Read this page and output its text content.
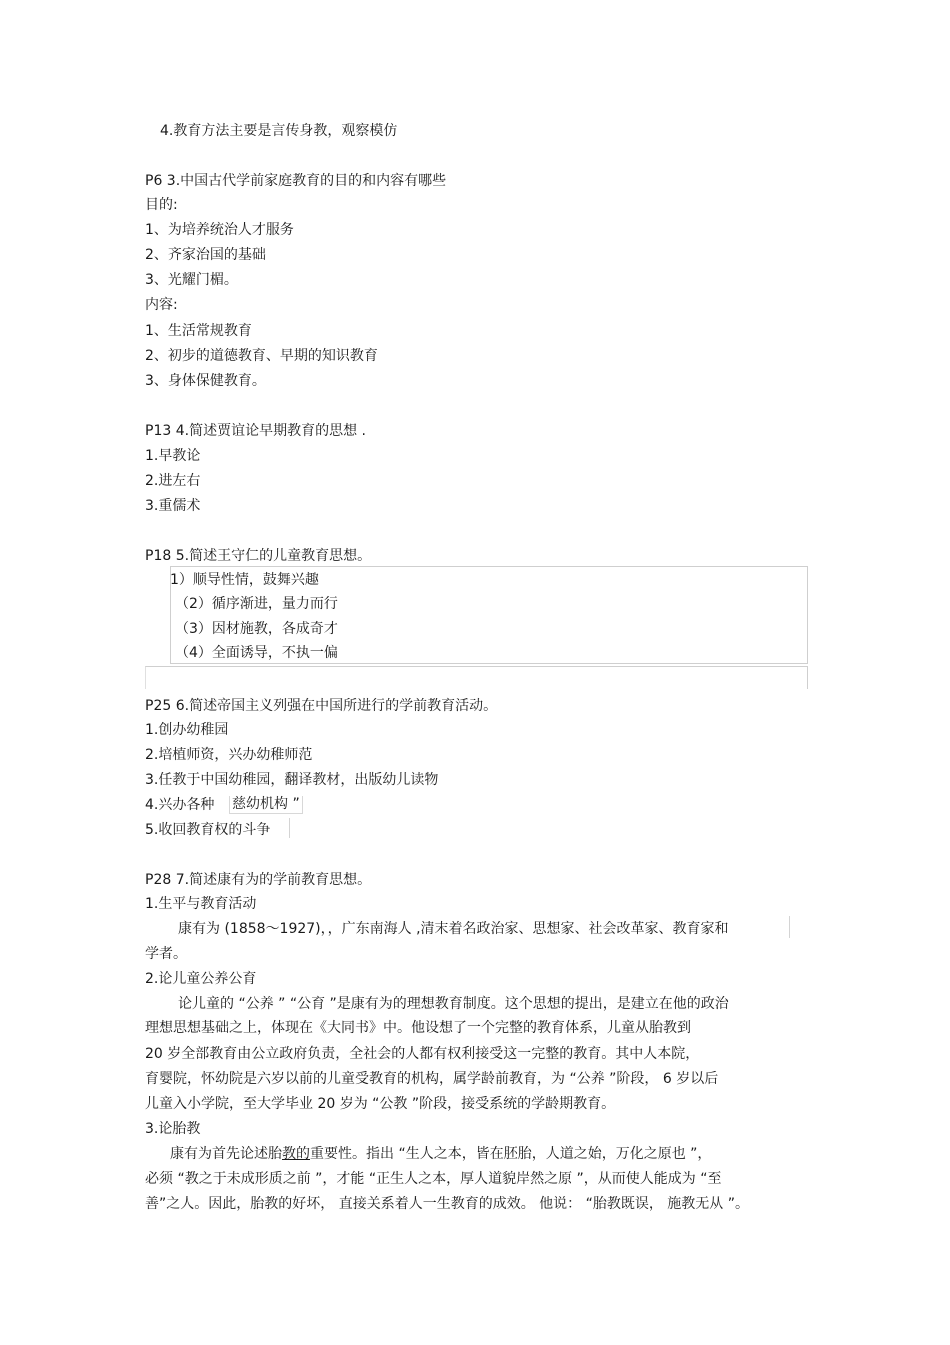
4.教育方法主要是言传身教，观察模仿
P6 3.中国古代学前家庭教育的目的和内容有哪些
目的:
1、为培养统治人才服务
2、齐家治国的基础
3、光耀门楣。
内容:
1、生活常规教育
2、初步的道德教育、早期的知识教育
3、身体保健教育。
P13 4.简述贾谊论早期教育的思想 .
1.早教论
2.进左右
3.重儒术
P18 5.简述王守仁的儿童教育思想。
1）顺导性情，鼓舞兴趣
（2）循序渐进，量力而行
（3）因材施教，各成奇才
（4）全面诱导，不执一偏
P25 6.简述帝国主义列强在中国所进行的学前教育活动。
1.创办幼稚园
2.培植师资，兴办幼稚师范
3.任教于中国幼稚园，翻译教材，出版幼儿读物
4.兴办各种 慈幼机构 ”
5.收回教育权的斗争
P28 7.简述康有为的学前教育思想。
1.生平与教育活动
康有为 (1858～1927)，，广东南海人 ,清末着名政治家、思想家、社会改革家、教育家和
学者。
2.论儿童公养公育
论儿童的 “公养 ” “公育 ”是康有为的理想教育制度。这个思想的提出，是建立在他的政治
理想思想基础之上，体现在《大同书》中。他设想了一个完整的教育体系，儿童从胎教到
20 岁全部教育由公立政府负责，全社会的人都有权利接受这一完整的教育。其中人本院，
育婴院，怀幼院是六岁以前的儿童受教育的机构，属学龄前教育，为 “公养 ”阶段， 6 岁以后
儿童入小学院，至大学毕业 20 岁为 “公教 ”阶段，接受系统的学龄期教育。
3.论胎教
康有为首先论述胎教的重要性。指出 “生人之本，皆在胚胎，人道之始，万化之原也 ”，
必须 “教之于未成形质之前 ”，才能 “正生人之本，厚人道貌岸然之原 ”，从而使人能成为 “至
善”之人。因此，胎教的好坏， 直接关系着人一生教育的成效。 他说： “胎教既误， 施教无从 ”。
